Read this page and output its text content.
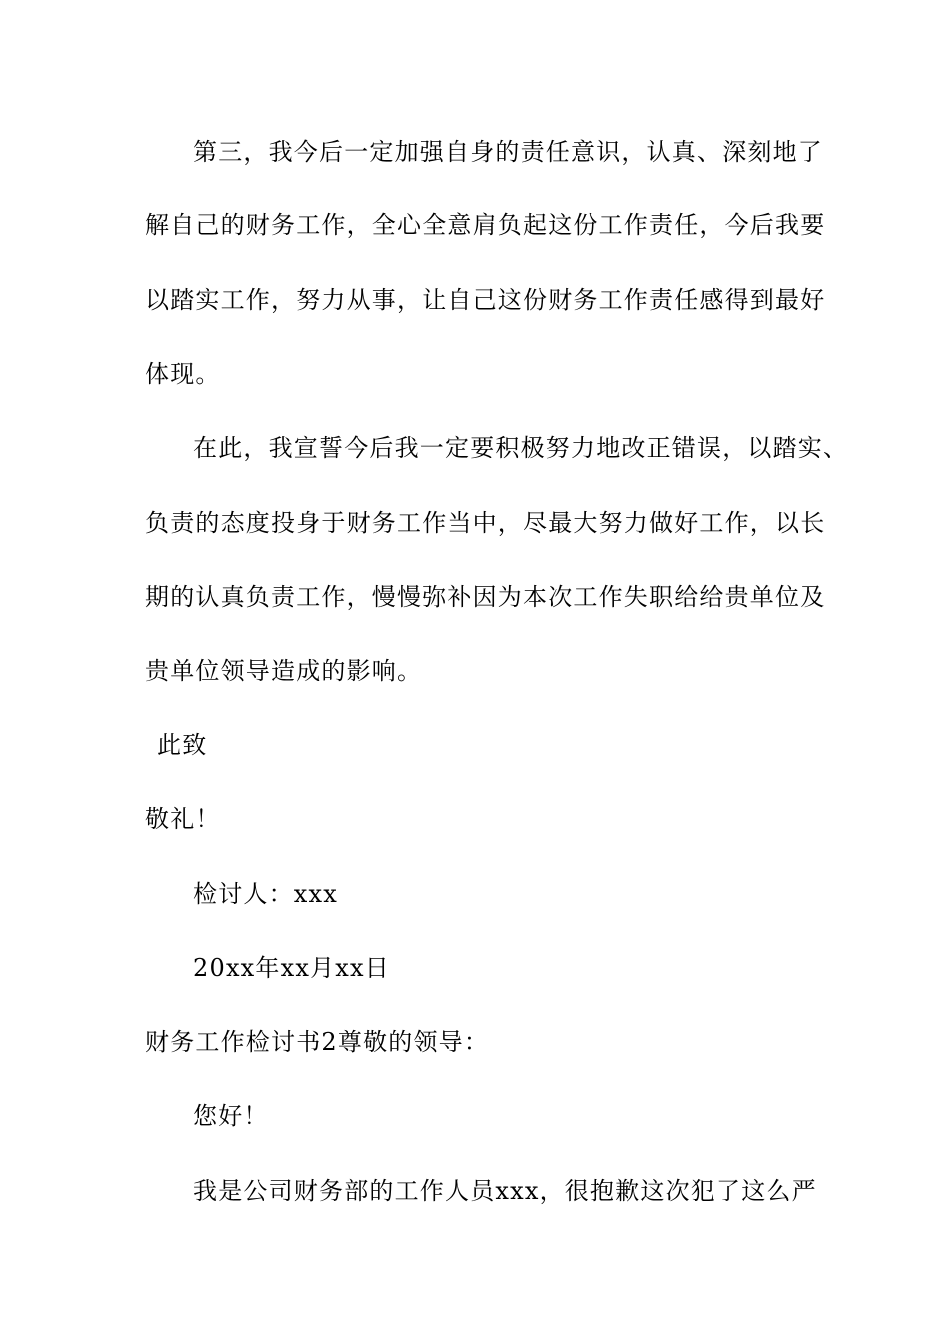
第三，我今后一定加强自身的责任意识，认真、深刻地了
解自己的财务工作，全心全意肩负起这份工作责任，今后我要
以踏实工作，努力从事，让自己这份财务工作责任感得到最好
体现。
在此，我宣誓今后我一定要积极努力地改正错误，以踏实、
负责的态度投身于财务工作当中，尽最大努力做好工作，以长
期的认真负责工作，慢慢弥补因为本次工作失职给给贵单位及
贵单位领导造成的影响。
此致
敬礼！
检讨人：xxx
20xx年xx月xx日
财务工作检讨书2尊敬的领导：
您好！
我是公司财务部的工作人员xxx，很抱歉这次犯了这么严
